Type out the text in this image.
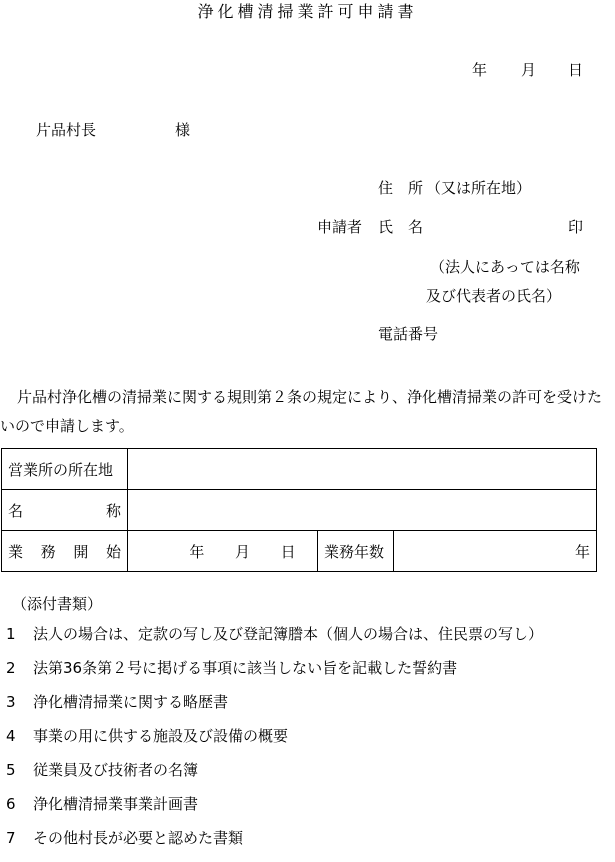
浄化槽清掃業許可申請書
年 月 日
片品村長	様
住　所 （又は所在地）
申請者 氏　名	印
（法人にあっては名称
及び代表者の氏名）
電話番号
片品村浄化槽の清掃業に関する規則第２条の規定により、浄化槽清掃業の許可を受けたいので申請します。
営業所の所在地			

名 称			

業 務 開 始	年 月 日	業務年数	年
（添付書類）
1 法人の場合は、定款の写し及び登記簿謄本（個人の場合は、住民票の写し）
2 法第36条第２号に掲げる事項に該当しない旨を記載した誓約書
3 浄化槽清掃業に関する略歴書
4 事業の用に供する施設及び設備の概要
5 従業員及び技術者の名簿
6 浄化槽清掃業事業計画書
7 その他村長が必要と認めた書類
